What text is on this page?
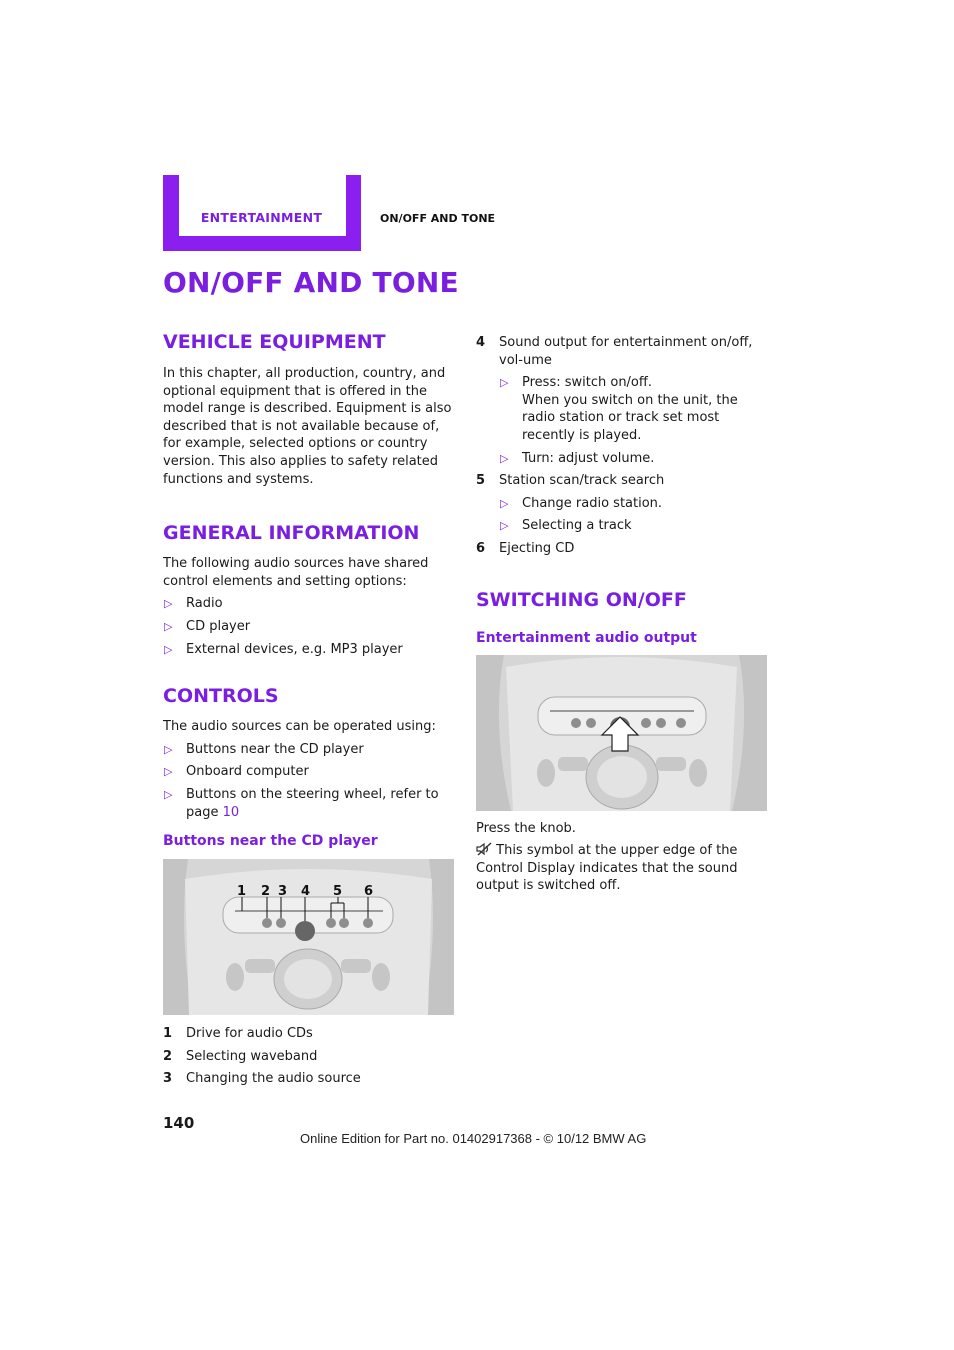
ENTERTAINMENT	ON/OFF AND TONE
ON/OFF AND TONE
VEHICLE EQUIPMENT

In this chapter, all production, country, and optional equipment that is offered in the model range is described. Equipment is also described that is not available because of, for example, selected options or country version. This also applies to safety related functions and systems.

GENERAL INFORMATION

The following audio sources have shared control elements and setting options:

▷ Radio
▷ CD player
▷ External devices, e.g. MP3 player
CONTROLS

The audio sources can be operated using:

▷ Buttons near the CD player
▷ Onboard computer
▷ Buttons on the steering wheel, refer to page 10
Buttons near the CD player
1 2 3 4 5 6
1 Drive for audio CDs
2 Selecting waveband
3 Changing the audio source
4 Sound output for entertainment on/off, vol-ume
▷ Press: switch on/off.
When you switch on the unit, the radio station or track set most recently is played.
▷ Turn: adjust volume.
5 Station scan/track search
▷ Change radio station.
▷ Selecting a track
6 Ejecting CD
SWITCHING ON/OFF
Entertainment audio output

Press the knob.

This symbol at the upper edge of the Control Display indicates that the sound output is switched off.

140
Online Edition for Part no. 01402917368 - © 10/12 BMW AG
